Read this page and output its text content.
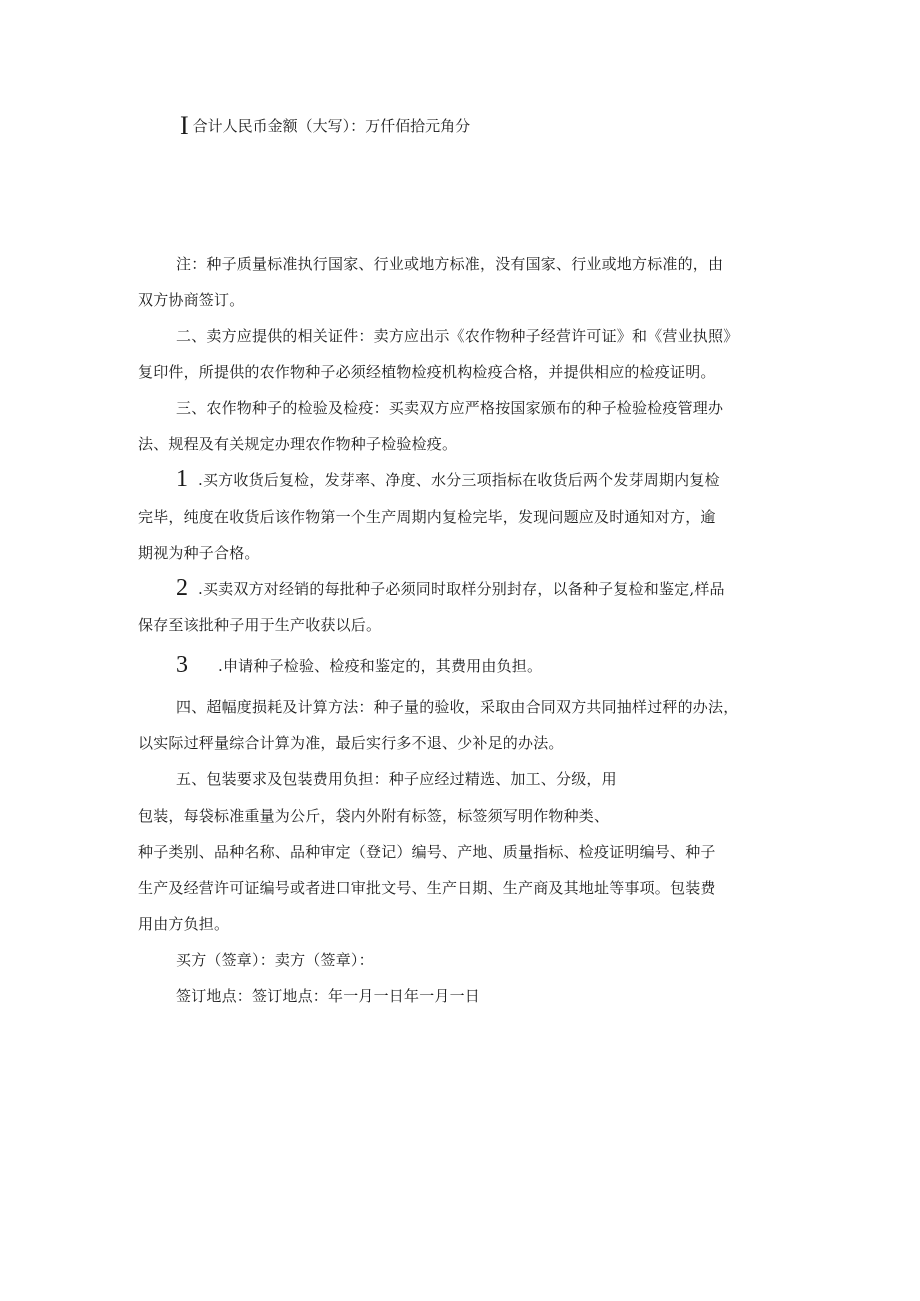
I合计人民币金额（大写）：万仟佰拾元角分
注：种子质量标准执行国家、行业或地方标准，没有国家、行业或地方标准的，由
双方协商签订。
二、卖方应提供的相关证件：卖方应出示《农作物种子经营许可证》和《营业执照》
复印件，所提供的农作物种子必须经植物检疫机构检疫合格，并提供相应的检疫证明。
三、农作物种子的检验及检疫：买卖双方应严格按国家颁布的种子检验检疫管理办
法、规程及有关规定办理农作物种子检验检疫。
1 .买方收货后复检，发芽率、净度、水分三项指标在收货后两个发芽周期内复检
完毕，纯度在收货后该作物第一个生产周期内复检完毕，发现问题应及时通知对方，逾
期视为种子合格。
2 .买卖双方对经销的每批种子必须同时取样分别封存，以备种子复检和鉴定,样品
保存至该批种子用于生产收获以后。
3 .申请种子检验、检疫和鉴定的，其费用由负担。
四、超幅度损耗及计算方法：种子量的验收，采取由合同双方共同抽样过秤的办法，
以实际过秤量综合计算为准，最后实行多不退、少补足的办法。
五、包装要求及包装费用负担：种子应经过精选、加工、分级，用
包装，每袋标准重量为公斤，袋内外附有标签，标签须写明作物种类、
种子类别、品种名称、品种审定（登记）编号、产地、质量指标、检疫证明编号、种子
生产及经营许可证编号或者进口审批文号、生产日期、生产商及其地址等事项。包装费
用由方负担。
买方（签章）：卖方（签章）：
签订地点：签订地点：年一月一日年一月一日
